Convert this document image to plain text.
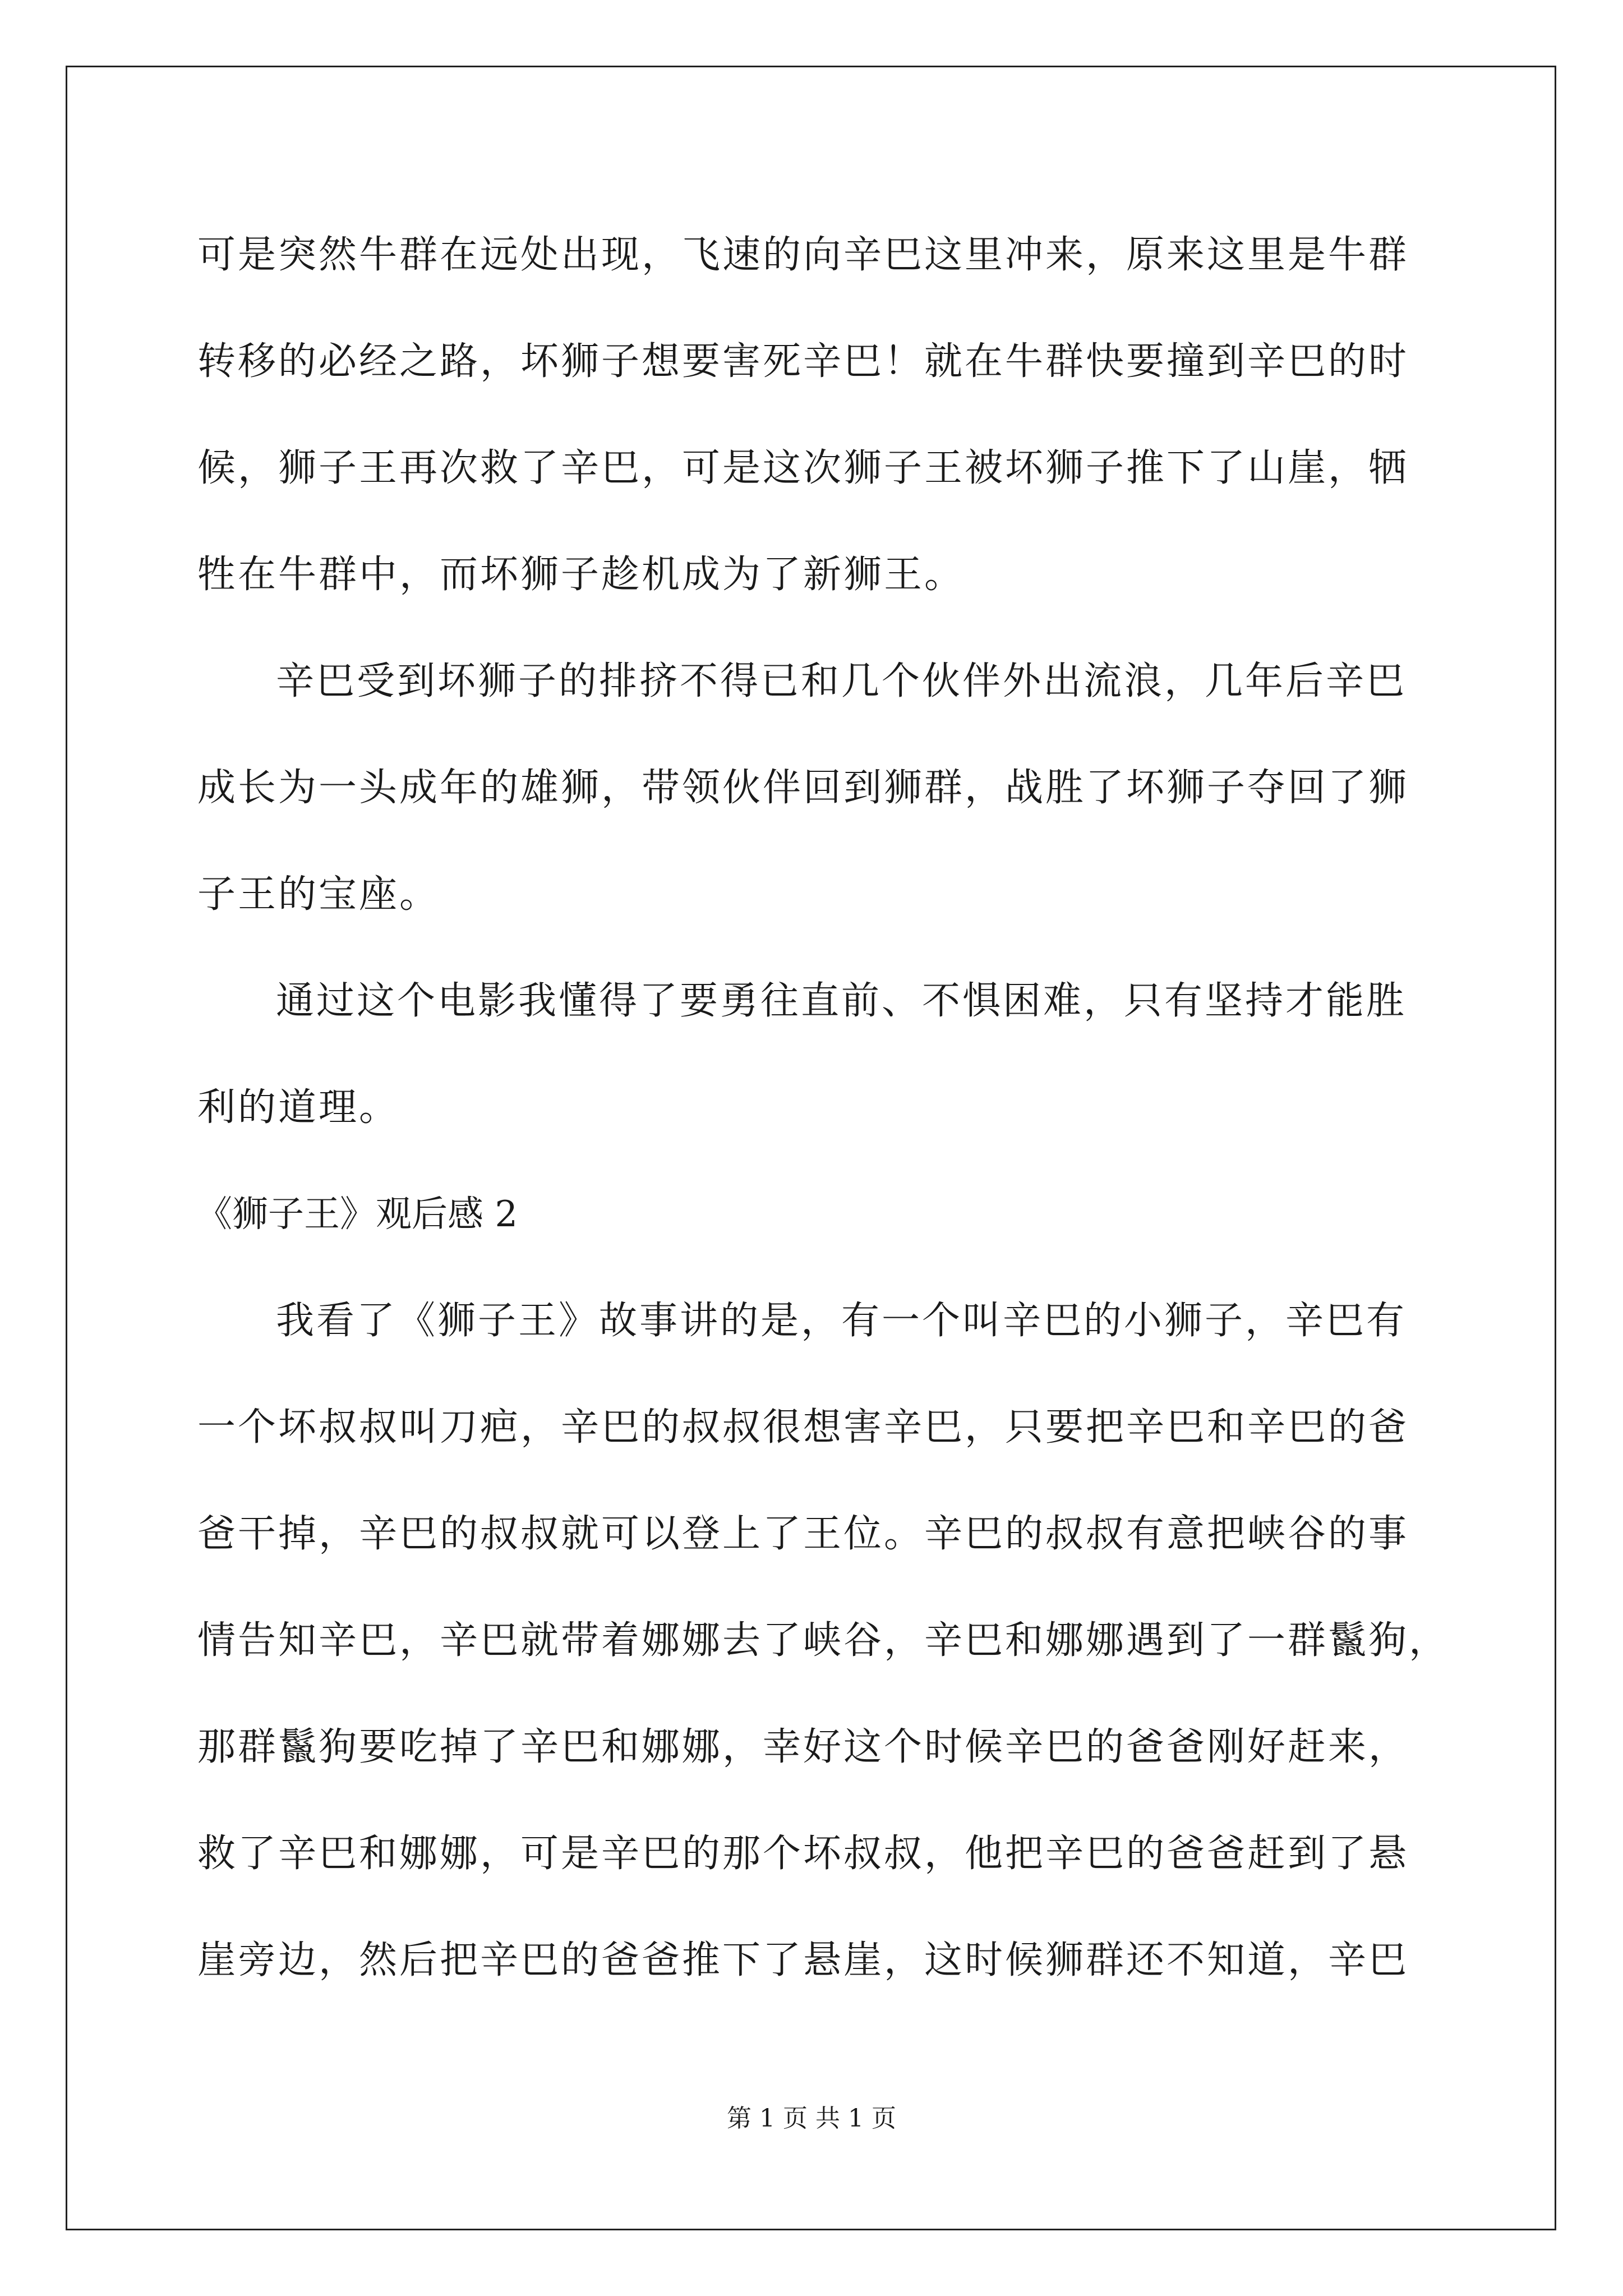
可是突然牛群在远处出现，飞速的向辛巴这里冲来，原来这里是牛群
转移的必经之路，坏狮子想要害死辛巴！就在牛群快要撞到辛巴的时
候，狮子王再次救了辛巴，可是这次狮子王被坏狮子推下了山崖，牺
牲在牛群中，而坏狮子趁机成为了新狮王。
辛巴受到坏狮子的排挤不得已和几个伙伴外出流浪，几年后辛巴
成长为一头成年的雄狮，带领伙伴回到狮群，战胜了坏狮子夺回了狮
子王的宝座。
通过这个电影我懂得了要勇往直前、不惧困难，只有坚持才能胜
利的道理。
《狮子王》观后感 2
我看了《狮子王》故事讲的是，有一个叫辛巴的小狮子，辛巴有
一个坏叔叔叫刀疤，辛巴的叔叔很想害辛巴，只要把辛巴和辛巴的爸
爸干掉，辛巴的叔叔就可以登上了王位。辛巴的叔叔有意把峡谷的事
情告知辛巴，辛巴就带着娜娜去了峡谷，辛巴和娜娜遇到了一群鬣狗，
那群鬣狗要吃掉了辛巴和娜娜，幸好这个时候辛巴的爸爸刚好赶来，
救了辛巴和娜娜，可是辛巴的那个坏叔叔，他把辛巴的爸爸赶到了悬
崖旁边，然后把辛巴的爸爸推下了悬崖，这时候狮群还不知道，辛巴
第 1 页 共 1 页
